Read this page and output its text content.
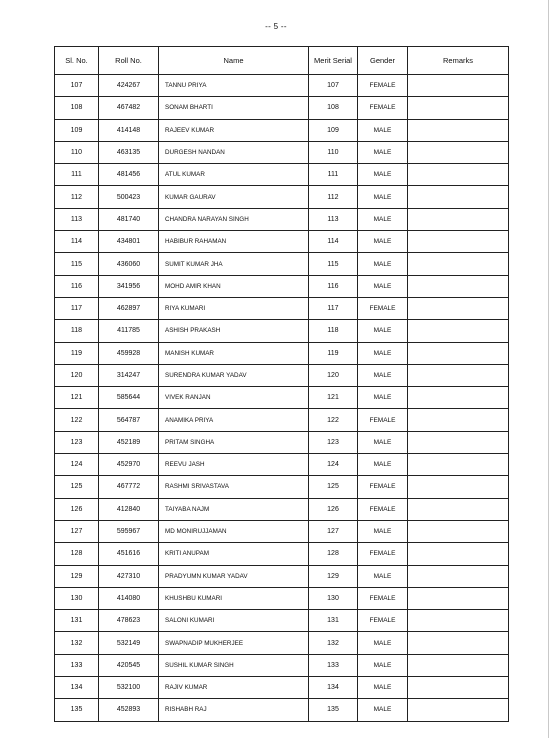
-- 5 --
Sl. No.	Roll No.	Name	Merit Serial	Gender	Remarks
107	424267	TANNU PRIYA	107	FEMALE	
108	467482	SONAM BHARTI	108	FEMALE	
109	414148	RAJEEV KUMAR	109	MALE	
110	463135	DURGESH NANDAN	110	MALE	
111	481456	ATUL KUMAR	111	MALE	
112	500423	KUMAR GAURAV	112	MALE	
113	481740	CHANDRA NARAYAN SINGH	113	MALE	
114	434801	HABIBUR RAHAMAN	114	MALE	
115	436060	SUMIT KUMAR JHA	115	MALE	
116	341956	MOHD AMIR KHAN	116	MALE	
117	462897	RIYA KUMARI	117	FEMALE	
118	411785	ASHISH PRAKASH	118	MALE	
119	459928	MANISH KUMAR	119	MALE	
120	314247	SURENDRA KUMAR YADAV	120	MALE	
121	585644	VIVEK RANJAN	121	MALE	
122	564787	ANAMIKA PRIYA	122	FEMALE	
123	452189	PRITAM SINGHA	123	MALE	
124	452970	REEVU JASH	124	MALE	
125	467772	RASHMI SRIVASTAVA	125	FEMALE	
126	412840	TAIYABA NAJM	126	FEMALE	
127	595967	MD MONIRUJJAMAN	127	MALE	
128	451616	KRITI ANUPAM	128	FEMALE	
129	427310	PRADYUMN KUMAR YADAV	129	MALE	
130	414080	KHUSHBU KUMARI	130	FEMALE	
131	478623	SALONI KUMARI	131	FEMALE	
132	532149	SWAPNADIP MUKHERJEE	132	MALE	
133	420545	SUSHIL KUMAR SINGH	133	MALE	
134	532100	RAJIV KUMAR	134	MALE	
135	452893	RISHABH RAJ	135	MALE	
